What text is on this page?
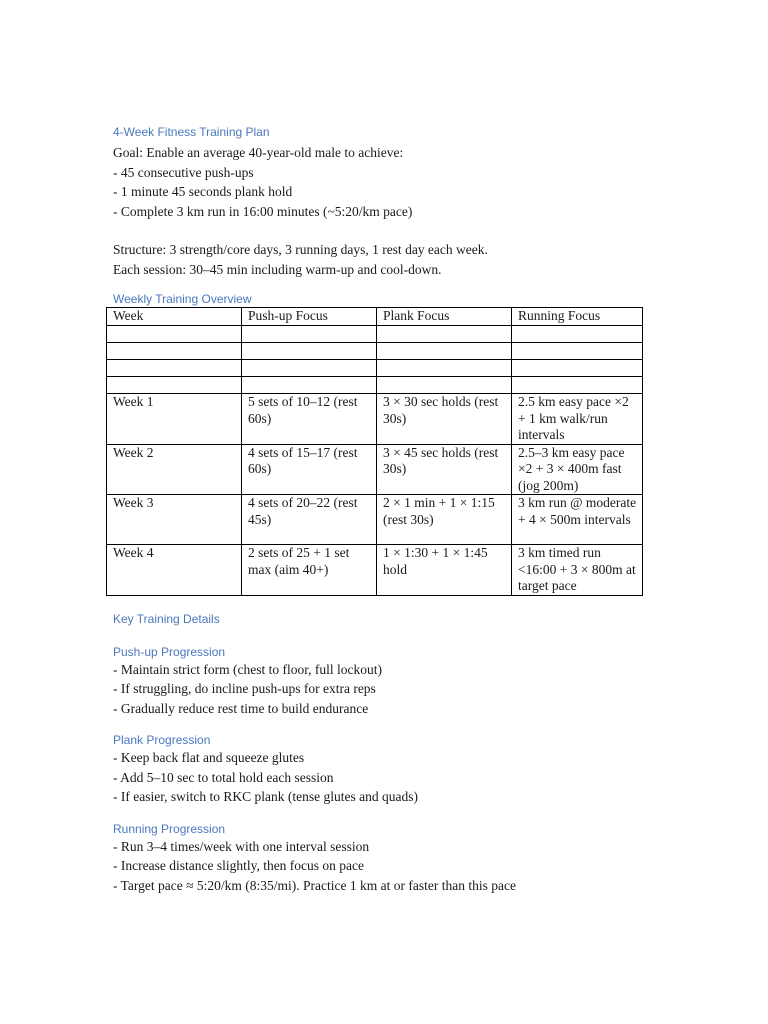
4-Week Fitness Training Plan

Goal: Enable an average 40-year-old male to achieve:

- 45 consecutive push-ups

- 1 minute 45 seconds plank hold

- Complete 3 km run in 16:00 minutes (~5:20/km pace)

Structure: 3 strength/core days, 3 running days, 1 rest day each week.

Each session: 30–45 min including warm-up and cool-down.

Weekly Training Overview

Week	Push-up Focus	Plank Focus	Running Focus

Week 1	5 sets of 10–12 (rest 60s)	3 × 30 sec holds (rest 30s)	2.5 km easy pace ×2 + 1 km walk/run intervals
Week 2	4 sets of 15–17 (rest 60s)	3 × 45 sec holds (rest 30s)	2.5–3 km easy pace ×2 + 3 × 400m fast (jog 200m)
Week 3	4 sets of 20–22 (rest 45s)	2 × 1 min + 1 × 1:15 (rest 30s)	3 km run @ moderate + 4 × 500m intervals
Week 4	2 sets of 25 + 1 set max (aim 40+)	1 × 1:30 + 1 × 1:45 hold	3 km timed run <16:00 + 3 × 800m at target pace

Key Training Details

Push-up Progression

- Maintain strict form (chest to floor, full lockout)

- If struggling, do incline push-ups for extra reps

- Gradually reduce rest time to build endurance

Plank Progression

- Keep back flat and squeeze glutes

- Add 5–10 sec to total hold each session

- If easier, switch to RKC plank (tense glutes and quads)

Running Progression

- Run 3–4 times/week with one interval session

- Increase distance slightly, then focus on pace

- Target pace ≈ 5:20/km (8:35/mi). Practice 1 km at or faster than this pace
